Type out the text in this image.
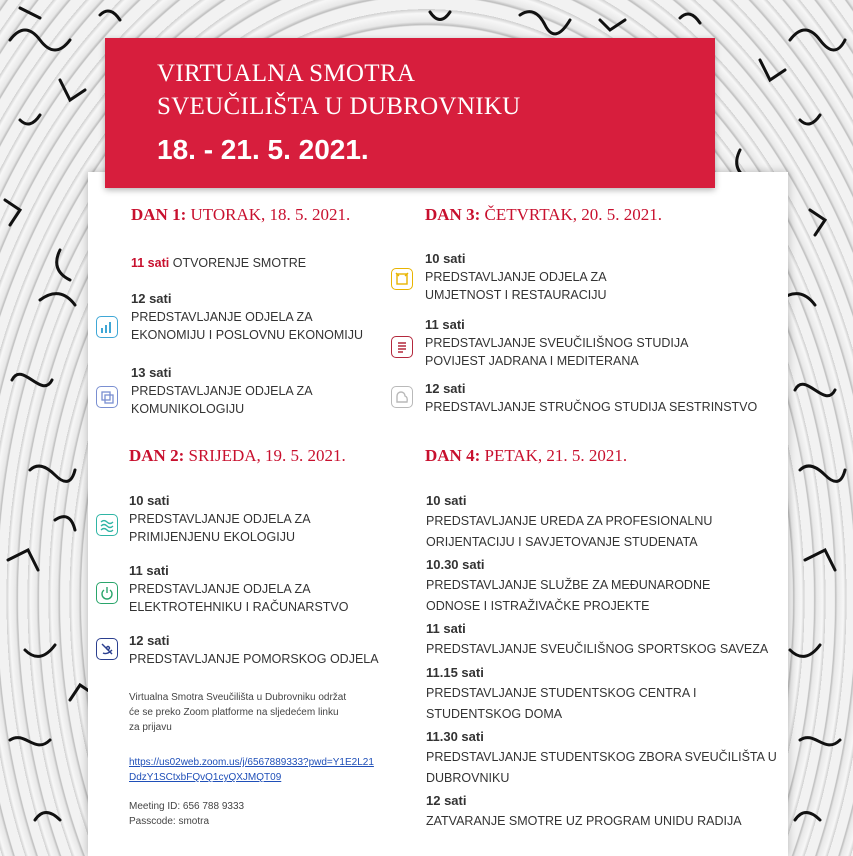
VIRTUALNA SMOTRA
SVEUČILIŠTA U DUBROVNIKU
18. - 21. 5. 2021.
DAN 1: UTORAK, 18. 5. 2021.
11 sati OTVORENJE SMOTRE
12 sati
PREDSTAVLJANJE ODJELA ZA
EKONOMIJU I POSLOVNU EKONOMIJU
13 sati
PREDSTAVLJANJE ODJELA ZA
KOMUNIKOLOGIJU
DAN 2: SRIJEDA, 19. 5. 2021.
10 sati
PREDSTAVLJANJE ODJELA ZA
PRIMIJENJENU EKOLOGIJU
11 sati
PREDSTAVLJANJE ODJELA ZA
ELEKTROTEHNIKU I RAČUNARSTVO
12 sati
PREDSTAVLJANJE POMORSKOG ODJELA
Virtualna Smotra Sveučilišta u Dubrovniku održat
će se preko Zoom platforme na sljedećem linku
za prijavu
https://us02web.zoom.us/j/6567889333?pwd=Y1E2L21DdzY1SCtxbFQvQ1cyQXJMQT09
Meeting ID: 656 788 9333
Passcode: smotra
DAN 3: ČETVRTAK, 20. 5. 2021.
10 sati
PREDSTAVLJANJE ODJELA ZA
UMJETNOST I RESTAURACIJU
11 sati
PREDSTAVLJANJE SVEUČILIŠNOG STUDIJA
POVIJEST JADRANA I MEDITERANA
12 sati
PREDSTAVLJANJE STRUČNOG STUDIJA SESTRINSTVO
DAN 4: PETAK, 21. 5. 2021.
10 sati
PREDSTAVLJANJE UREDA ZA PROFESIONALNU
ORIJENTACIJU I SAVJETOVANJE STUDENATA
10.30 sati
PREDSTAVLJANJE SLUŽBE ZA MEĐUNARODNE
ODNOSE I ISTRAŽIVAČKE PROJEKTE
11 sati
PREDSTAVLJANJE SVEUČILIŠNOG SPORTSKOG SAVEZA
11.15 sati
PREDSTAVLJANJE STUDENTSKOG CENTRA I
STUDENTSKOG DOMA
11.30 sati
PREDSTAVLJANJE STUDENTSKOG ZBORA SVEUČILIŠTA U
DUBROVNIKU
12 sati
ZATVARANJE SMOTRE UZ PROGRAM UNIDU RADIJA
